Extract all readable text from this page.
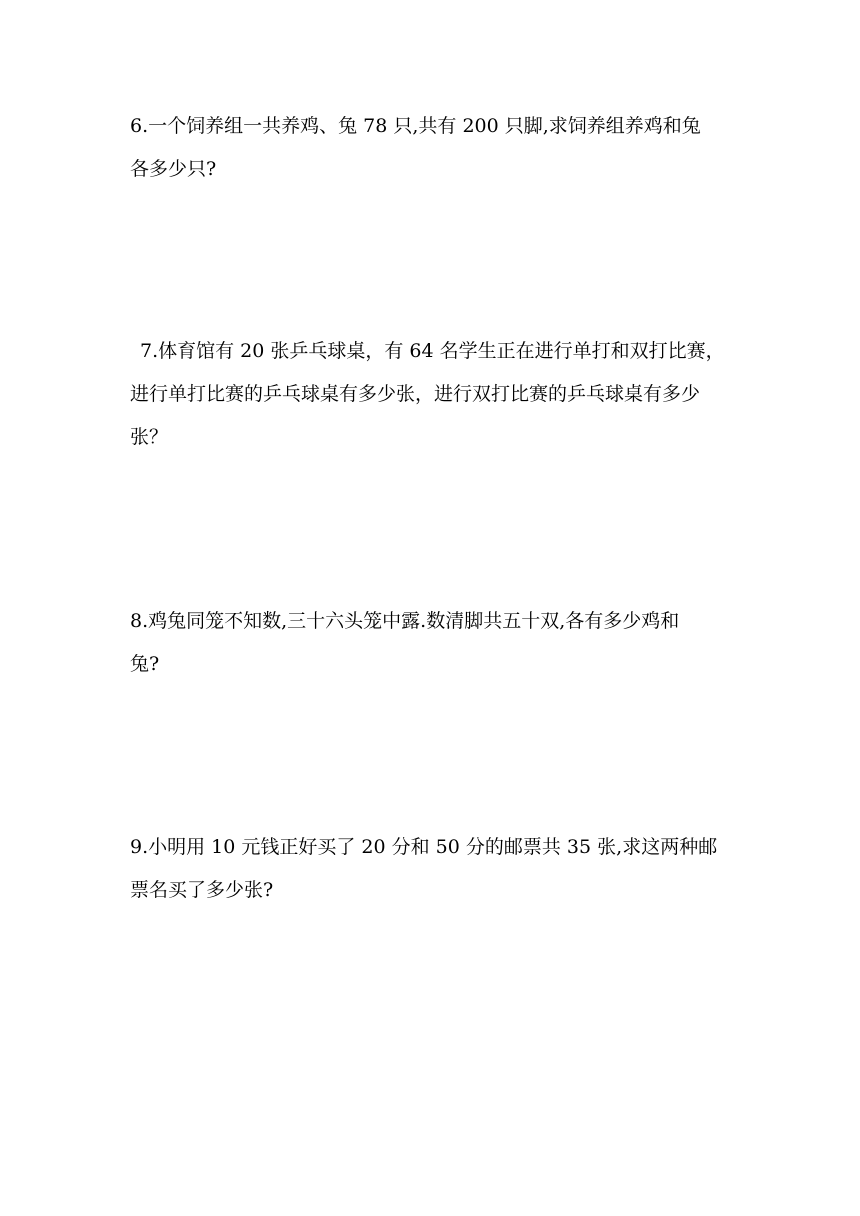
6.一个饲养组一共养鸡、兔 78 只,共有 200 只脚,求饲养组养鸡和兔
各多少只?
7.体育馆有 20 张乒乓球桌，有 64 名学生正在进行单打和双打比赛，
进行单打比赛的乒乓球桌有多少张，进行双打比赛的乒乓球桌有多少
张？
8.鸡兔同笼不知数,三十六头笼中露.数清脚共五十双,各有多少鸡和
兔?
9.小明用 10 元钱正好买了 20 分和 50 分的邮票共 35 张,求这两种邮
票名买了多少张?
